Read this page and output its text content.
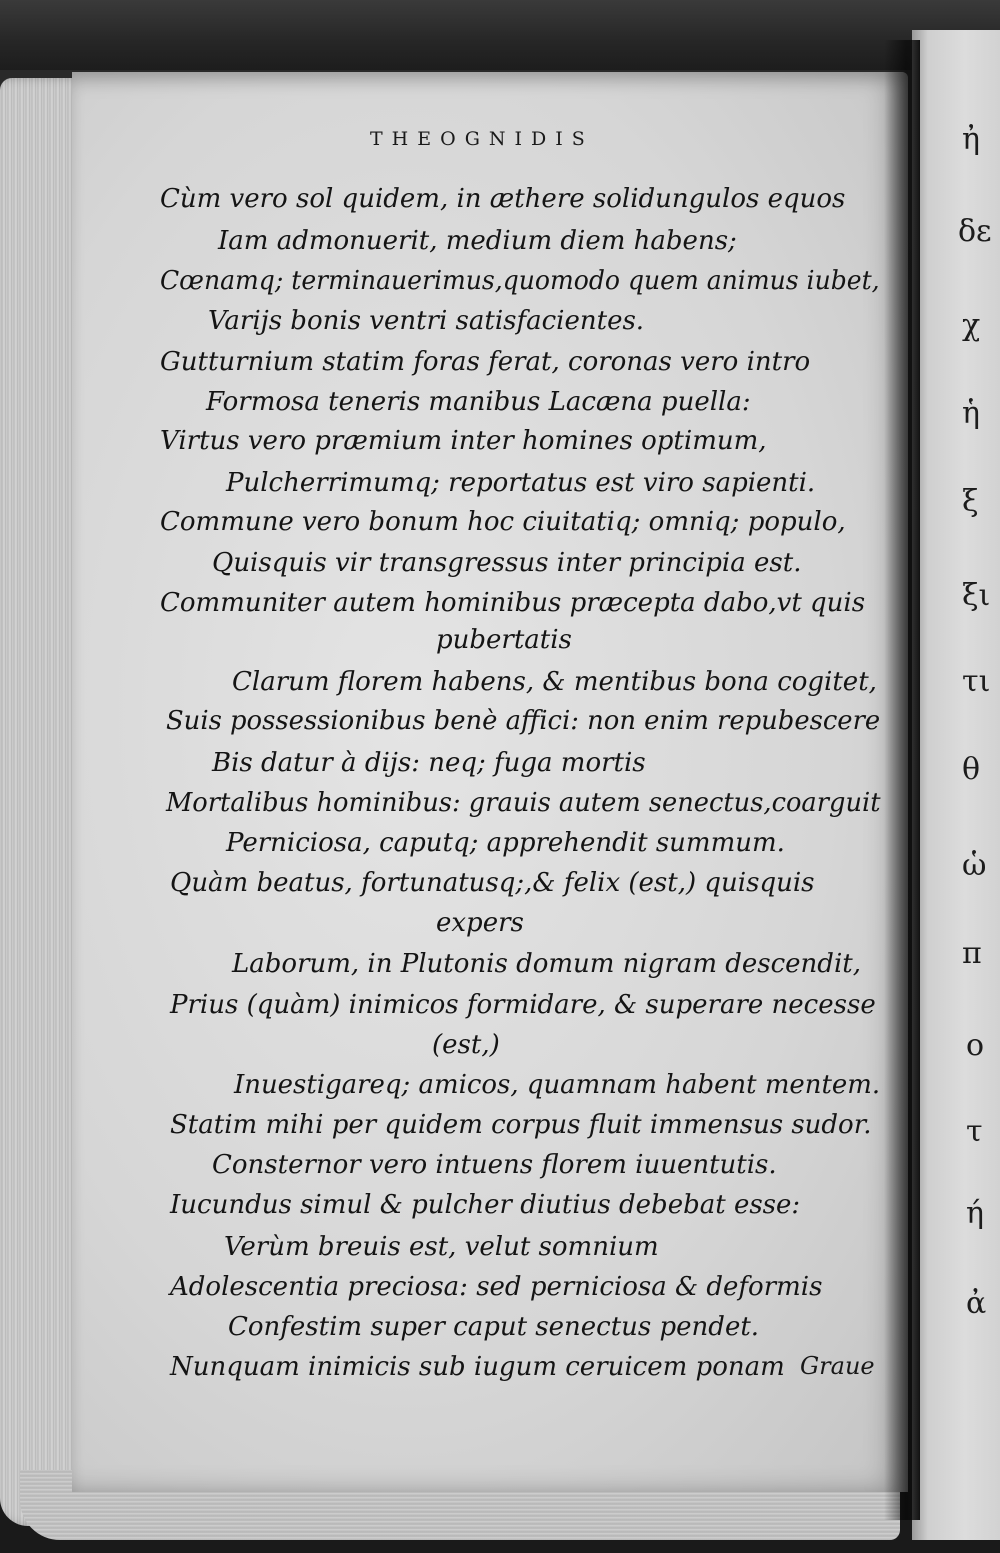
THEOGNIDIS
Cùm vero sol quidem, in æthere solidungulos equos
Iam admonuerit, medium diem habens;
Cœnamq; terminauerimus,quomodo quem animus iubet,
Varijs bonis ventri satisfacientes.
Gutturnium statim foras ferat, coronas vero intro
Formosa teneris manibus Lacæna puella:
Virtus vero præmium inter homines optimum,
Pulcherrimumq; reportatus est viro sapienti.
Commune vero bonum hoc ciuitatiq; omniq; populo,
Quisquis vir transgressus inter principia est.
Communiter autem hominibus præcepta dabo,vt quis
pubertatis
Clarum florem habens, & mentibus bona cogitet,
Suis possessionibus benè affici: non enim repubescere
Bis datur à dijs: neq; fuga mortis
Mortalibus hominibus: grauis autem senectus,coarguit
Perniciosa, caputq; apprehendit summum.
Quàm beatus, fortunatusq;,& felix (est,) quisquis
expers
Laborum, in Plutonis domum nigram descendit,
Prius (quàm) inimicos formidare, & superare necesse
(est,)
Inuestigareq; amicos, quamnam habent mentem.
Statim mihi per quidem corpus fluit immensus sudor.
Consternor vero intuens florem iuuentutis.
Iucundus simul & pulcher diutius debebat esse:
Verùm breuis est, velut somnium
Adolescentia preciosa: sed perniciosa & deformis
Confestim super caput senectus pendet.
Nunquam inimicis sub iugum ceruicem ponam Graue
ἠ
δε
χ
ἡ
ξ
ξι
τι
θ
ὡ
π
ο
τ
ή
ἀ
